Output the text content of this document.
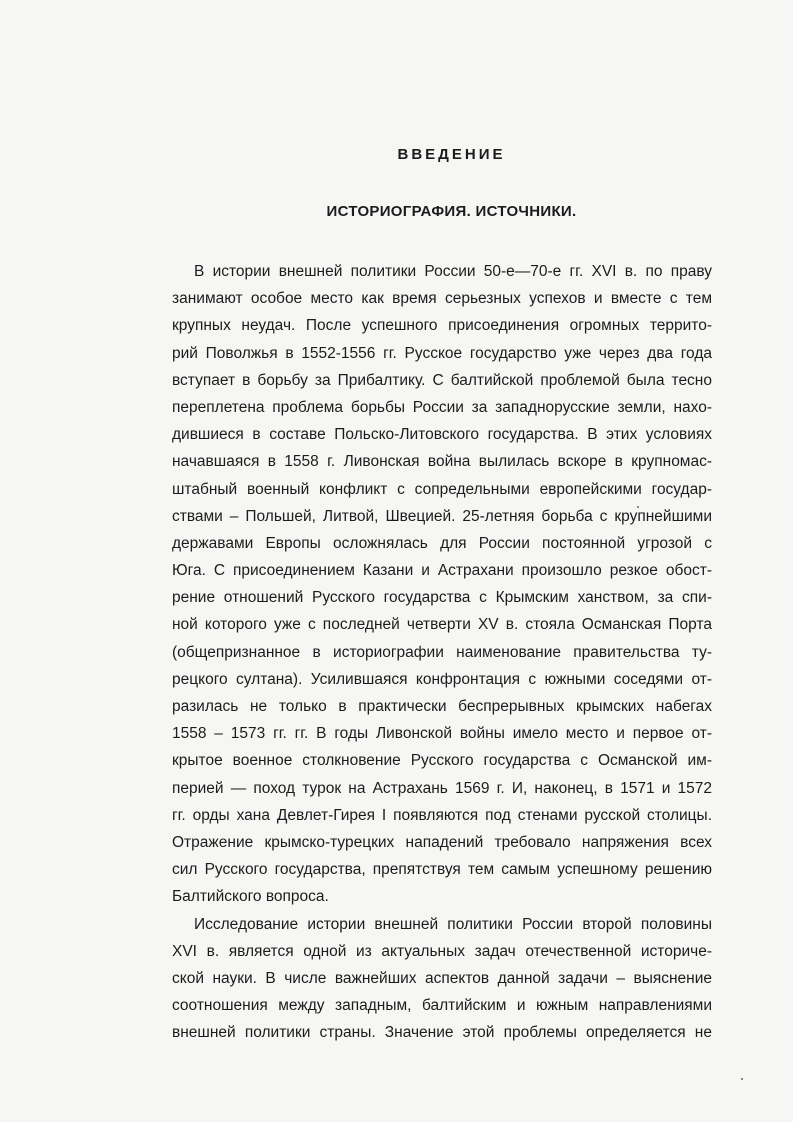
ВВЕДЕНИЕ
ИСТОРИОГРАФИЯ. ИСТОЧНИКИ.
В истории внешней политики России 50-е—70-е гг. XVI в. по праву
занимают особое место как время серьезных успехов и вместе с тем
крупных неудач. После успешного присоединения огромных террито-
рий Поволжья в 1552-1556 гг. Русское государство уже через два года
вступает в борьбу за Прибалтику. С балтийской проблемой была тесно
переплетена проблема борьбы России за западнорусские земли, нахо-
дившиеся в составе Польско-Литовского государства. В этих условиях
начавшаяся в 1558 г. Ливонская война вылилась вскоре в крупномас-
штабный военный конфликт с сопредельными европейскими государ-
ствами – Польшей, Литвой, Швецией. 25-летняя борьба с крупнейшими
державами Европы осложнялась для России постоянной угрозой с
Юга. С присоединением Казани и Астрахани произошло резкое обост-
рение отношений Русского государства с Крымским ханством, за спи-
ной которого уже с последней четверти XV в. стояла Османская Порта
(общепризнанное в историографии наименование правительства ту-
рецкого султана). Усилившаяся конфронтация с южными соседями от-
разилась не только в практически беспрерывных крымских набегах
1558 – 1573 гг. гг. В годы Ливонской войны имело место и первое от-
крытое военное столкновение Русского государства с Османской им-
перией — поход турок на Астрахань 1569 г. И, наконец, в 1571 и 1572
гг. орды хана Девлет-Гирея I появляются под стенами русской столицы.
Отражение крымско-турецких нападений требовало напряжения всех
сил Русского государства, препятствуя тем самым успешному решению
Балтийского вопроса.
Исследование истории внешней политики России второй половины
XVI в. является одной из актуальных задач отечественной историче-
ской науки. В числе важнейших аспектов данной задачи – выяснение
соотношения между западным, балтийским и южным направлениями
внешней политики страны. Значение этой проблемы определяется не
